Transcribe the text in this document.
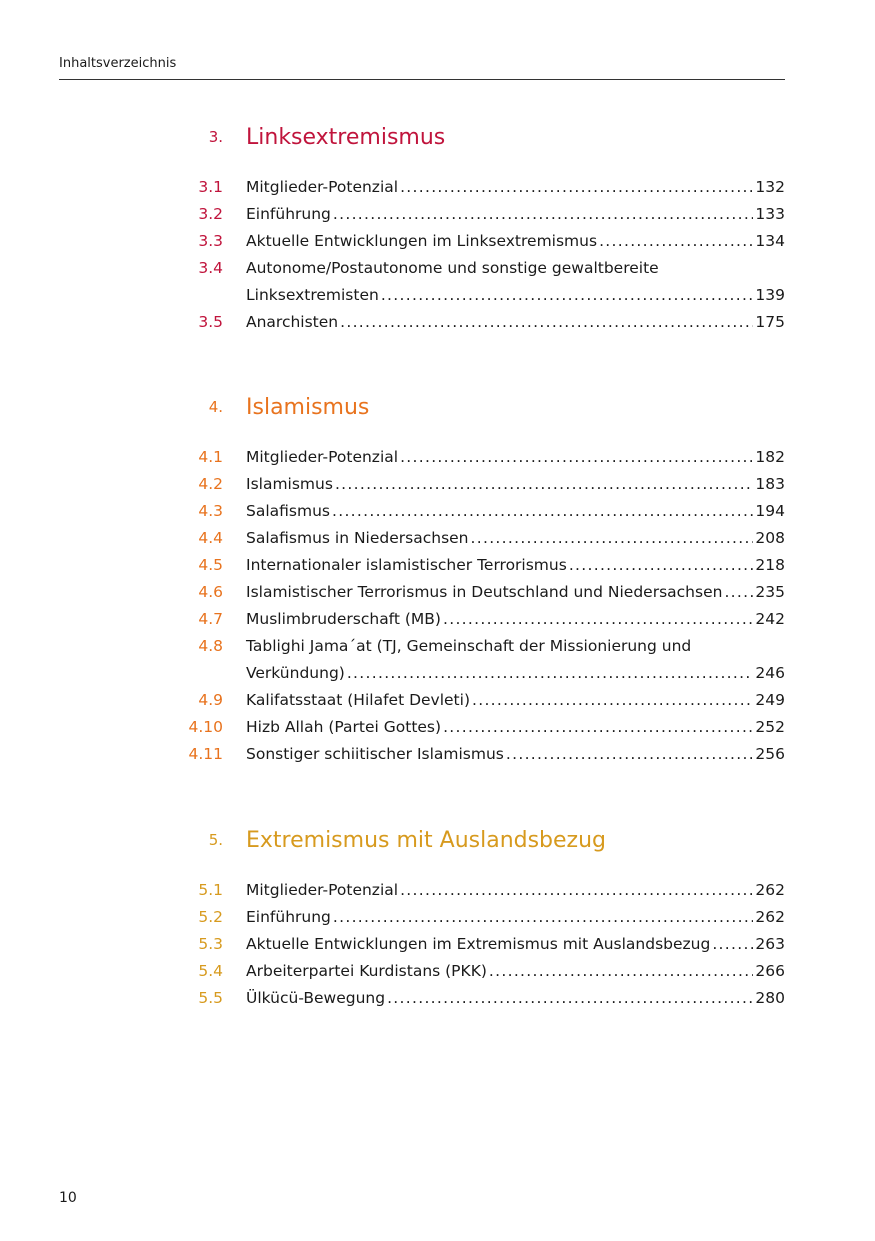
Inhaltsverzeichnis
3. Linksextremismus
3.1 Mitglieder-Potenzial .....	132
3.2 Einführung .....	133
3.3 Aktuelle Entwicklungen im Linksextremismus .....	134
3.4 Autonome/Postautonome und sonstige gewaltbereite
Linksextremisten .....	139
3.5 Anarchisten .....	175
4. Islamismus
4.1 Mitglieder-Potenzial .....	182
4.2 Islamismus .....	183
4.3 Salafismus .....	194
4.4 Salafismus in Niedersachsen .....	208
4.5 Internationaler islamistischer Terrorismus .....	218
4.6 Islamistischer Terrorismus in Deutschland und Niedersachsen ..... 235
4.7 Muslimbruderschaft (MB) .....	242
4.8 Tablighi Jama´at (TJ, Gemeinschaft der Missionierung und
Verkündung) .....	246
4.9 Kalifatsstaat (Hilafet Devleti) .....	249
4.10 Hizb Allah (Partei Gottes) .....	252
4.11 Sonstiger schiitischer Islamismus .....	256
5. Extremismus mit Auslandsbezug
5.1 Mitglieder-Potenzial .....	262
5.2 Einführung .....	262
5.3 Aktuelle Entwicklungen im Extremismus mit Auslandsbezug .....	263
5.4 Arbeiterpartei Kurdistans (PKK) .....	266
5.5 Ülkücü-Bewegung .....	280
10
